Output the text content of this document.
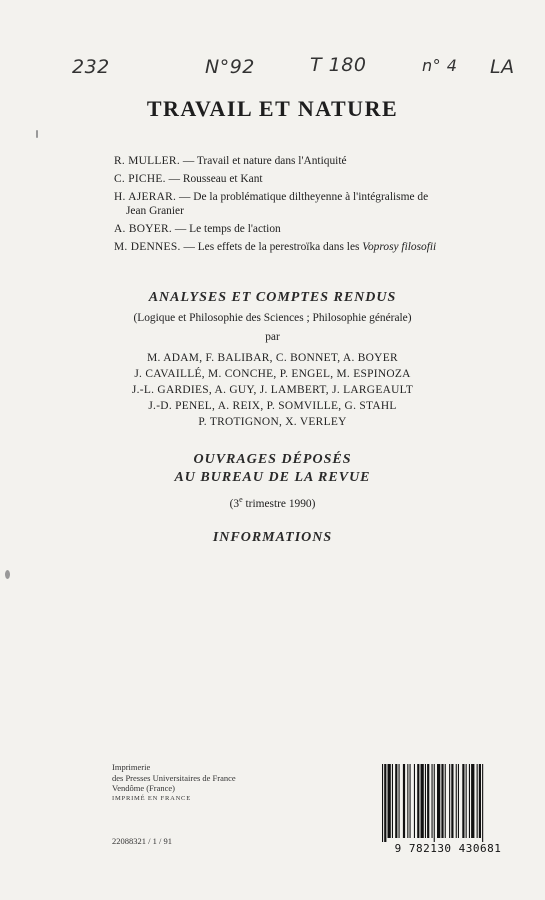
232	N°92	T 180	n° 4 LA
TRAVAIL ET NATURE
R. MULLER. — Travail et nature dans l'Antiquité
C. PICHE. — Rousseau et Kant
H. AJERAR. — De la problématique diltheyenne à l'intégralisme de
Jean Granier
A. BOYER. — Le temps de l'action
M. DENNES. — Les effets de la perestroïka dans les Voprosy filosofii
ANALYSES ET COMPTES RENDUS
(Logique et Philosophie des Sciences ; Philosophie générale)
par
M. ADAM, F. BALIBAR, C. BONNET, A. BOYER
J. CAVAILLÉ, M. CONCHE, P. ENGEL, M. ESPINOZA
J.-L. GARDIES, A. GUY, J. LAMBERT, J. LARGEAULT
J.-D. PENEL, A. REIX, P. SOMVILLE, G. STAHL
P. TROTIGNON, X. VERLEY
OUVRAGES DÉPOSÉS
AU BUREAU DE LA REVUE
(3e trimestre 1990)
INFORMATIONS
Imprimerie
des Presses Universitaires de France
Vendôme (France)
IMPRIMÉ EN FRANCE
22088321 / 1 / 91
9 782130 430681
